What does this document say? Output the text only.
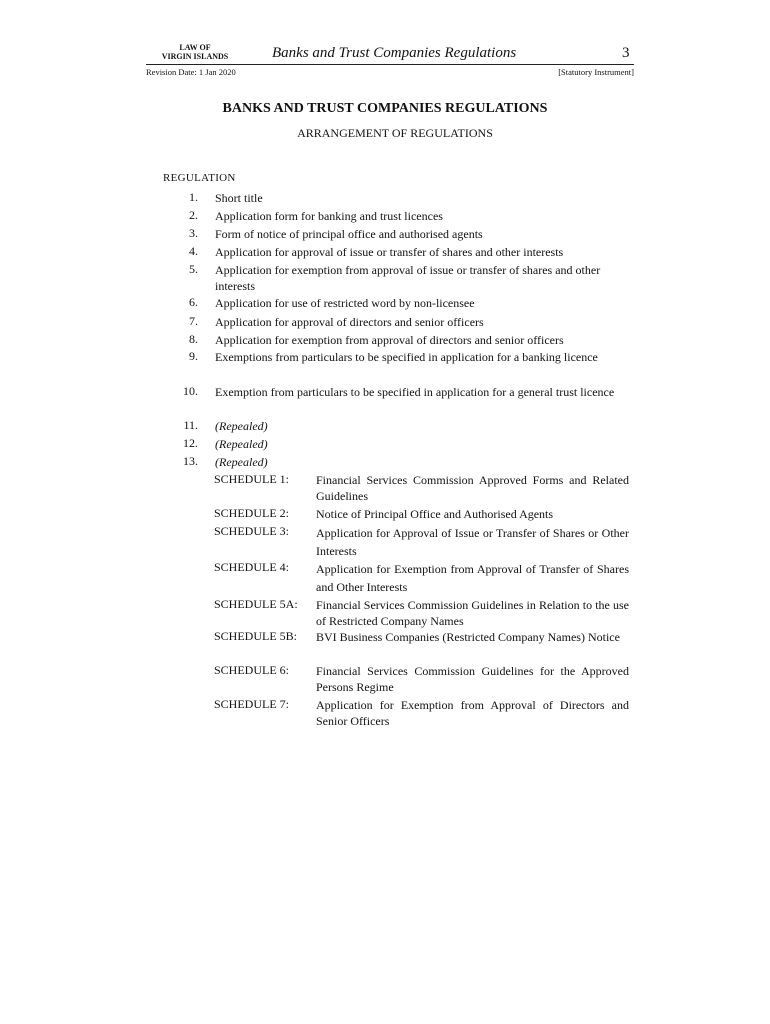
LAW OF
VIRGIN ISLANDS	Banks and Trust Companies Regulations	3
Revision Date: 1 Jan 2020	[Statutory Instrument]
BANKS AND TRUST COMPANIES REGULATIONS
ARRANGEMENT OF REGULATIONS
REGULATION
1. Short title
2. Application form for banking and trust licences
3. Form of notice of principal office and authorised agents
4. Application for approval of issue or transfer of shares and other interests
5. Application for exemption from approval of issue or transfer of shares and other interests
6. Application for use of restricted word by non-licensee
7. Application for approval of directors and senior officers
8. Application for exemption from approval of directors and senior officers
9. Exemptions from particulars to be specified in application for a banking licence
10. Exemption from particulars to be specified in application for a general trust licence
11. (Repealed)
12. (Repealed)
13. (Repealed)
SCHEDULE 1: Financial Services Commission Approved Forms and Related Guidelines
SCHEDULE 2: Notice of Principal Office and Authorised Agents
SCHEDULE 3: Application for Approval of Issue or Transfer of Shares or Other Interests
SCHEDULE 4: Application for Exemption from Approval of Transfer of Shares and Other Interests
SCHEDULE 5A: Financial Services Commission Guidelines in Relation to the use of Restricted Company Names
SCHEDULE 5B: BVI Business Companies (Restricted Company Names) Notice
SCHEDULE 6: Financial Services Commission Guidelines for the Approved Persons Regime
SCHEDULE 7: Application for Exemption from Approval of Directors and Senior Officers
